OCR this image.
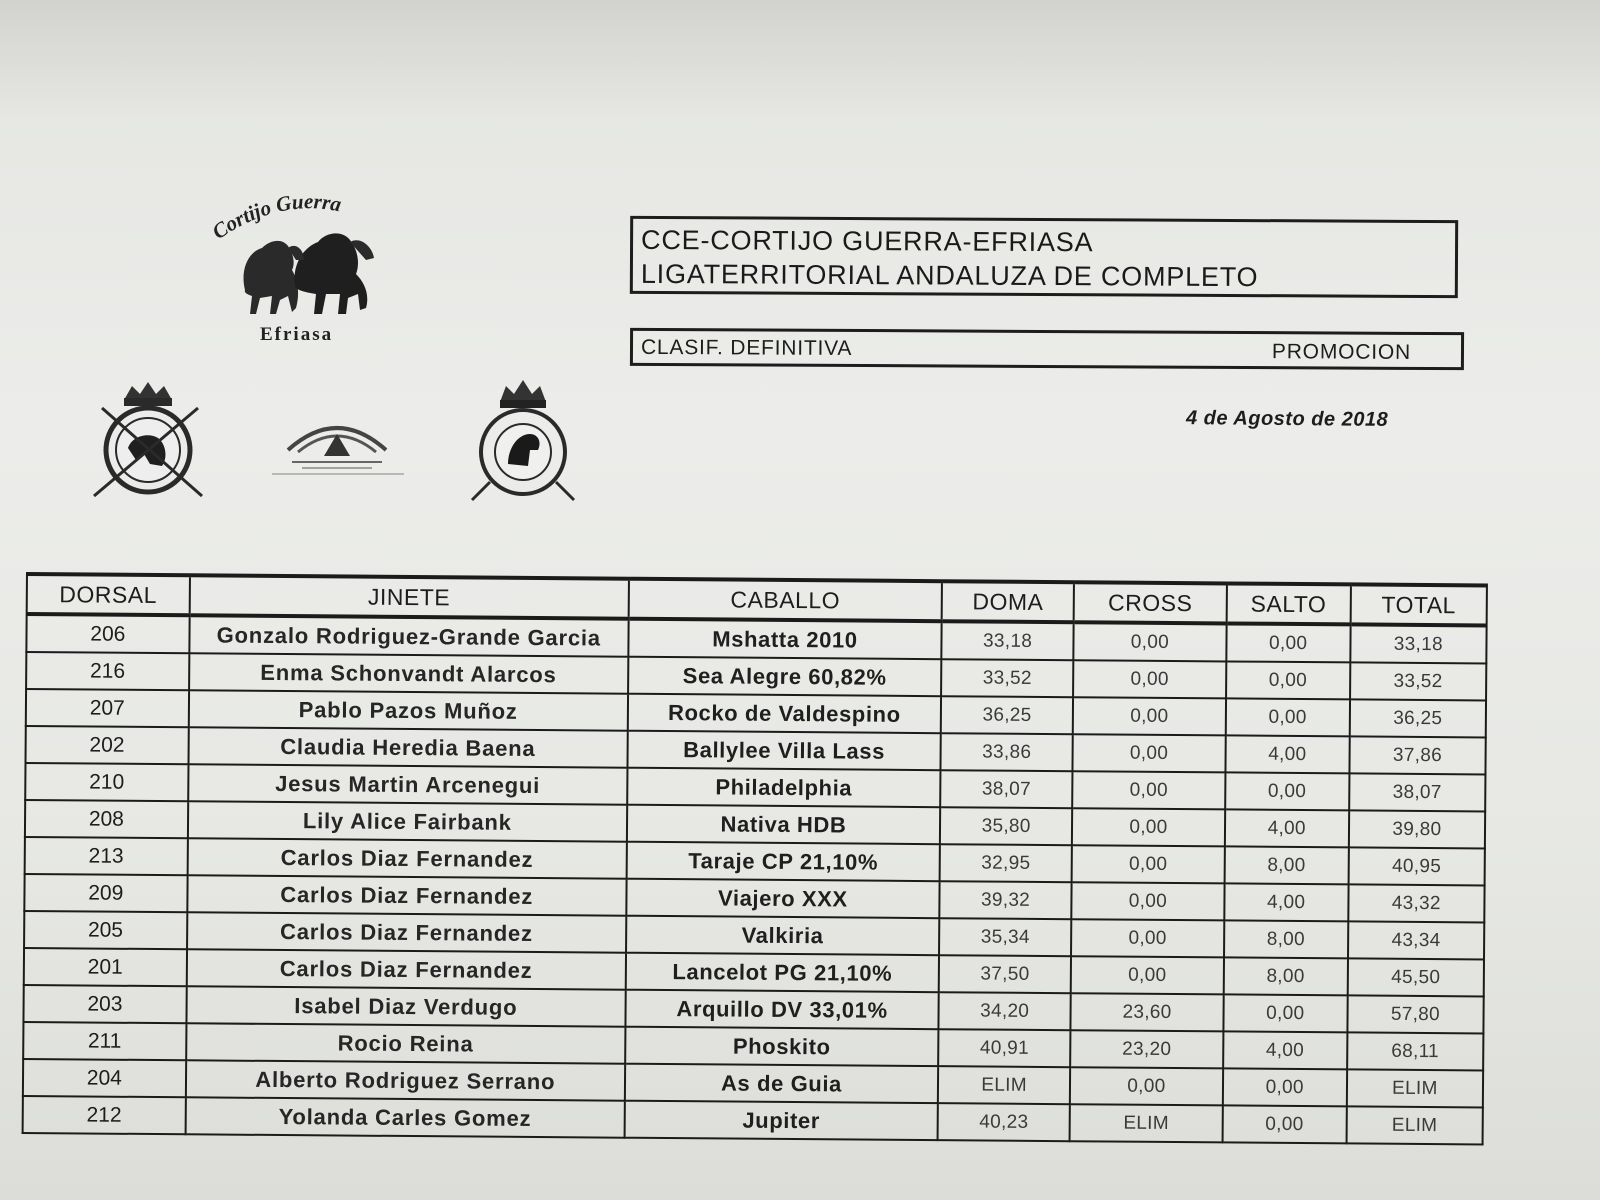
Cortijo Guerra
Efriasa
CCE-CORTIJO GUERRA-EFRIASA
LIGATERRITORIAL ANDALUZA DE COMPLETO
CLASIF. DEFINITIVA	PROMOCION
4 de Agosto de 2018
DORSAL	JINETE	CABALLO	DOMA	CROSS	SALTO	TOTAL
206	Gonzalo Rodriguez-Grande Garcia	Mshatta 2010	33,18	0,00	0,00	33,18
216	Enma Schonvandt Alarcos	Sea Alegre 60,82%	33,52	0,00	0,00	33,52
207	Pablo Pazos Muñoz	Rocko de Valdespino	36,25	0,00	0,00	36,25
202	Claudia Heredia Baena	Ballylee Villa Lass	33,86	0,00	4,00	37,86
210	Jesus Martin Arcenegui	Philadelphia	38,07	0,00	0,00	38,07
208	Lily Alice Fairbank	Nativa HDB	35,80	0,00	4,00	39,80
213	Carlos Diaz Fernandez	Taraje CP 21,10%	32,95	0,00	8,00	40,95
209	Carlos Diaz Fernandez	Viajero XXX	39,32	0,00	4,00	43,32
205	Carlos Diaz Fernandez	Valkiria	35,34	0,00	8,00	43,34
201	Carlos Diaz Fernandez	Lancelot PG 21,10%	37,50	0,00	8,00	45,50
203	Isabel Diaz Verdugo	Arquillo DV 33,01%	34,20	23,60	0,00	57,80
211	Rocio Reina	Phoskito	40,91	23,20	4,00	68,11
204	Alberto Rodriguez Serrano	As de Guia	ELIM	0,00	0,00	ELIM
212	Yolanda Carles Gomez	Jupiter	40,23	ELIM	0,00	ELIM
